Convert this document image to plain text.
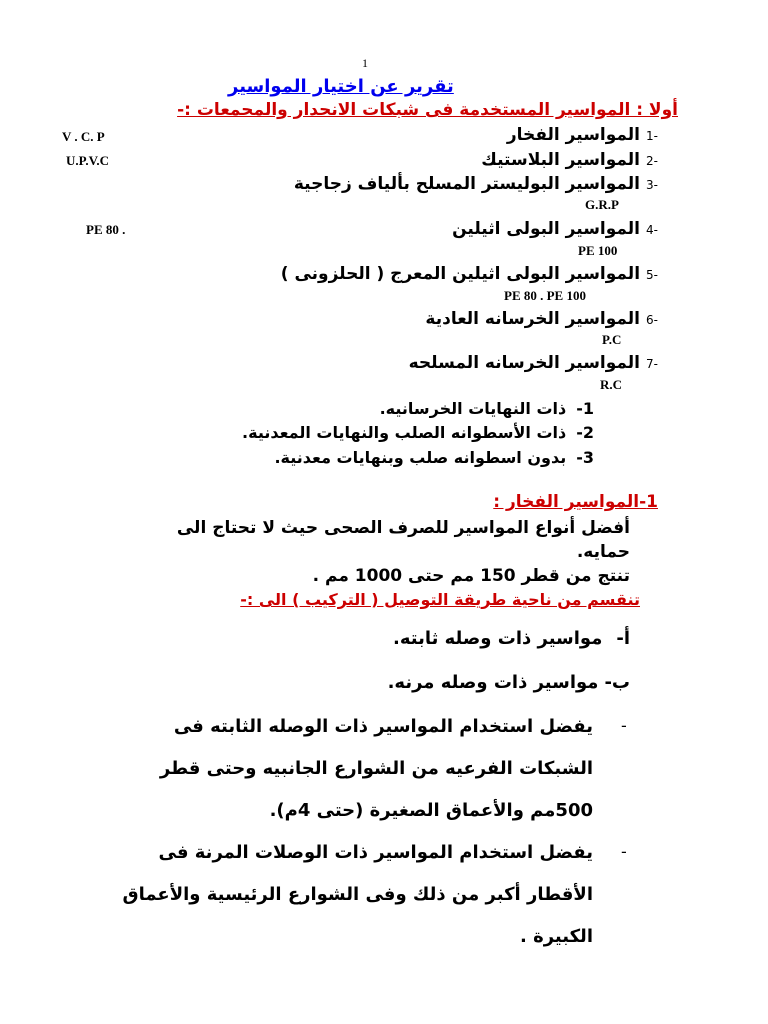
1
تقرير عن اختيار المواسير
أولا : المواسير المستخدمة فى شبكات الانحدار والمحمعات :-
-1المواسير الفخار
V . C. P
-2المواسير البلاستيك
U.P.V.C
-3المواسير البوليستر المسلح بألياف زجاجية
G.R.P
-4المواسير البولى اثيلين
PE 80 .
PE 100
-5المواسير البولى اثيلين المعرج ( الحلزونى )
PE 80 . PE 100
-6المواسير الخرسانه العادية
P.C
-7المواسير الخرسانه المسلحه
R.C
1-ذات النهايات الخرسانيه.
2-ذات الأسطوانه الصلب والنهايات المعدنية.
3-بدون اسطوانه صلب وبنهايات معدنية.
1-المواسير الفخار :
أفضل أنواع المواسير للصرف الصحى حيث لا تحتاج الى
حمايه.
تنتج من قطر 150 مم حتى 1000 مم .
تنقسم من ناحية طريقة التوصيل ( التركيب ) الى :-
أ-مواسير ذات وصله ثابته.
ب-مواسير ذات وصله مرنه.
-
يفضل استخدام المواسير ذات الوصله الثابته فى
الشبكات الفرعيه من الشوارع الجانبيه وحتى قطر
500مم والأعماق الصغيرة (حتى 4م).
-
يفضل استخدام المواسير ذات الوصلات المرنة فى
الأقطار أكبر من ذلك وفى الشوارع الرئيسية والأعماق
الكبيرة .
